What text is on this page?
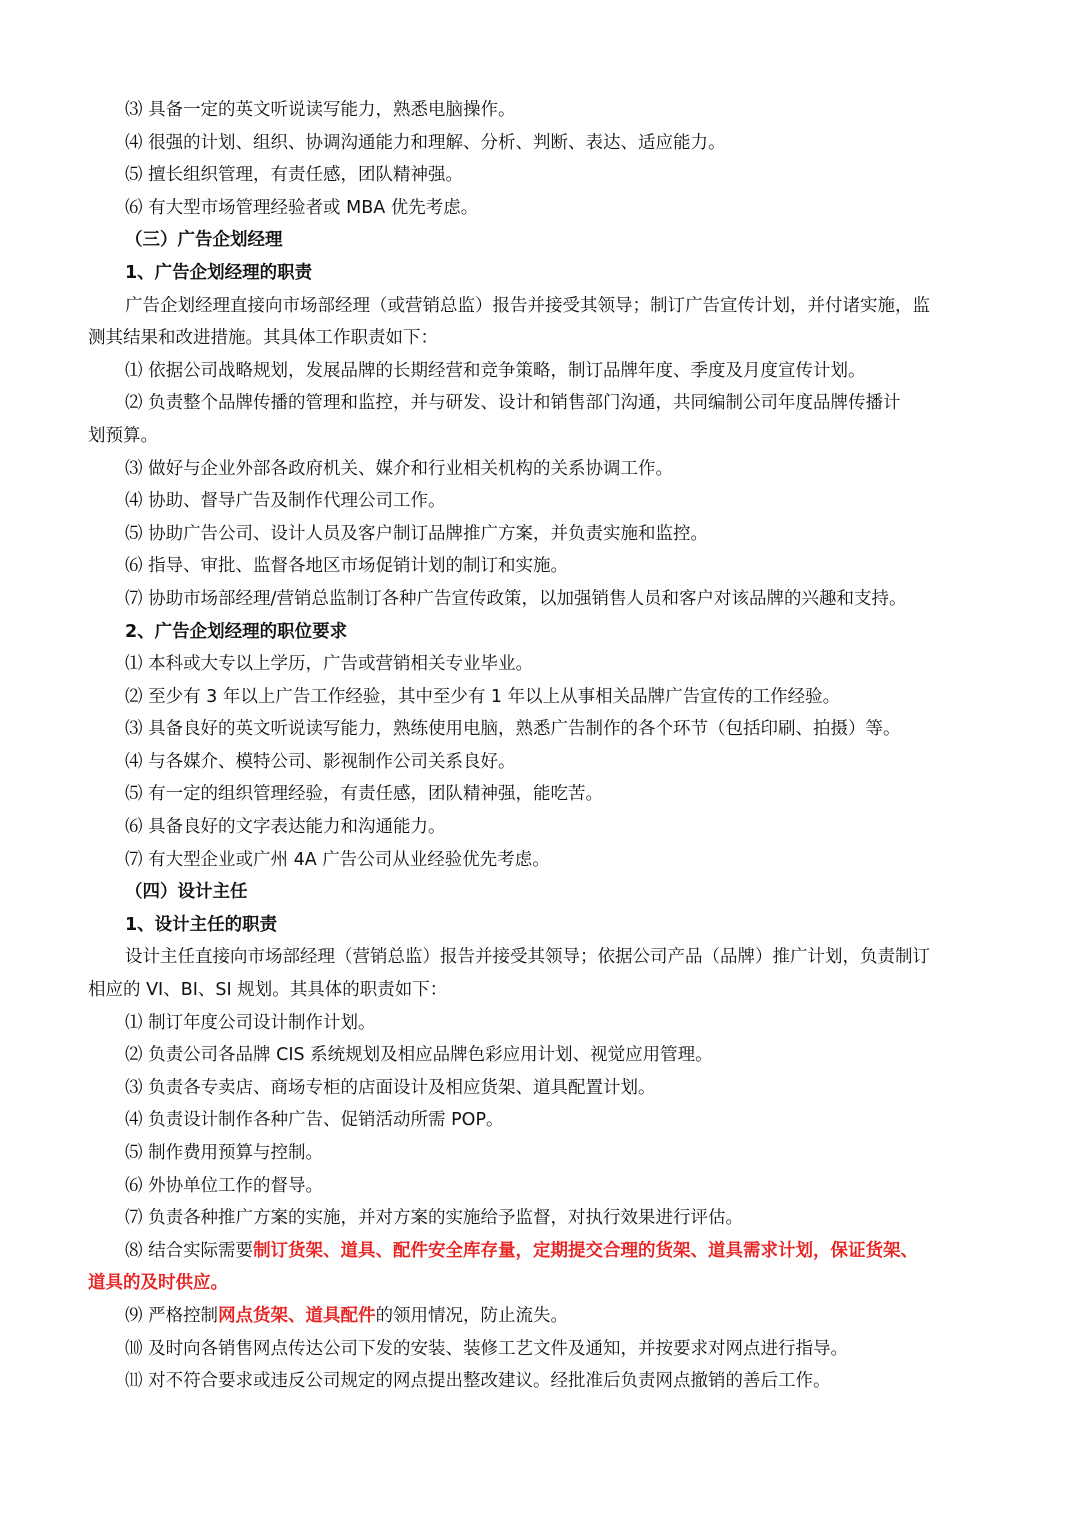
⑶ 具备一定的英文听说读写能力，熟悉电脑操作。
⑷ 很强的计划、组织、协调沟通能力和理解、分析、判断、表达、适应能力。
⑸ 擅长组织管理，有责任感，团队精神强。
⑹ 有大型市场管理经验者或 MBA 优先考虑。
（三）广告企划经理
1、广告企划经理的职责
广告企划经理直接向市场部经理（或营销总监）报告并接受其领导；制订广告宣传计划，并付诸实施，监
测其结果和改进措施。其具体工作职责如下：
⑴ 依据公司战略规划，发展品牌的长期经营和竞争策略，制订品牌年度、季度及月度宣传计划。
⑵ 负责整个品牌传播的管理和监控，并与研发、设计和销售部门沟通，共同编制公司年度品牌传播计
划预算。
⑶ 做好与企业外部各政府机关、媒介和行业相关机构的关系协调工作。
⑷ 协助、督导广告及制作代理公司工作。
⑸ 协助广告公司、设计人员及客户制订品牌推广方案，并负责实施和监控。
⑹ 指导、审批、监督各地区市场促销计划的制订和实施。
⑺ 协助市场部经理/营销总监制订各种广告宣传政策，以加强销售人员和客户对该品牌的兴趣和支持。
2、广告企划经理的职位要求
⑴ 本科或大专以上学历，广告或营销相关专业毕业。
⑵ 至少有 3 年以上广告工作经验，其中至少有 1 年以上从事相关品牌广告宣传的工作经验。
⑶ 具备良好的英文听说读写能力，熟练使用电脑，熟悉广告制作的各个环节（包括印刷、拍摄）等。
⑷ 与各媒介、模特公司、影视制作公司关系良好。
⑸ 有一定的组织管理经验，有责任感，团队精神强，能吃苦。
⑹ 具备良好的文字表达能力和沟通能力。
⑺ 有大型企业或广州 4A 广告公司从业经验优先考虑。
（四）设计主任
1、设计主任的职责
设计主任直接向市场部经理（营销总监）报告并接受其领导；依据公司产品（品牌）推广计划，负责制订
相应的 VI、BI、SI 规划。其具体的职责如下：
⑴ 制订年度公司设计制作计划。
⑵ 负责公司各品牌 CIS 系统规划及相应品牌色彩应用计划、视觉应用管理。
⑶ 负责各专卖店、商场专柜的店面设计及相应货架、道具配置计划。
⑷ 负责设计制作各种广告、促销活动所需 POP。
⑸ 制作费用预算与控制。
⑹ 外协单位工作的督导。
⑺ 负责各种推广方案的实施，并对方案的实施给予监督，对执行效果进行评估。
⑻ 结合实际需要制订货架、道具、配件安全库存量，定期提交合理的货架、道具需求计划，保证货架、
道具的及时供应。
⑼ 严格控制网点货架、道具配件的领用情况，防止流失。
⑽ 及时向各销售网点传达公司下发的安装、装修工艺文件及通知，并按要求对网点进行指导。
⑾ 对不符合要求或违反公司规定的网点提出整改建议。经批准后负责网点撤销的善后工作。
